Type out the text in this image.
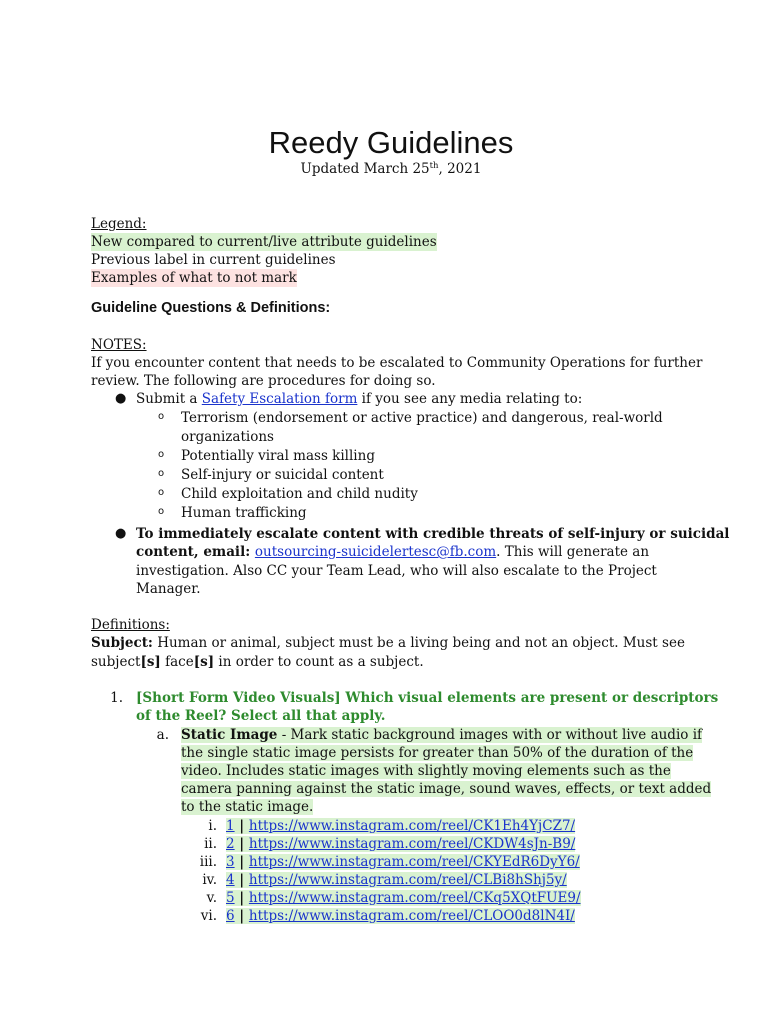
Reedy Guidelines
Updated March 25th, 2021
Legend:
New compared to current/live attribute guidelines
Previous label in current guidelines
Examples of what to not mark
Guideline Questions & Definitions:
NOTES:
If you encounter content that needs to be escalated to Community Operations for further
review. The following are procedures for doing so.
● Submit a Safety Escalation form if you see any media relating to:
o Terrorism (endorsement or active practice) and dangerous, real-world
organizations
o Potentially viral mass killing
o Self-injury or suicidal content
o Child exploitation and child nudity
o Human trafficking
● To immediately escalate content with credible threats of self-injury or suicidal
content, email: outsourcing-suicidelertesc@fb.com. This will generate an
investigation. Also CC your Team Lead, who will also escalate to the Project
Manager.
Definitions:
Subject: Human or animal, subject must be a living being and not an object. Must see
subject[s] face[s] in order to count as a subject.
1. [Short Form Video Visuals] Which visual elements are present or descriptors
of the Reel? Select all that apply.
a. Static Image - Mark static background images with or without live audio if
the single static image persists for greater than 50% of the duration of the
video. Includes static images with slightly moving elements such as the
camera panning against the static image, sound waves, effects, or text added
to the static image.
i. 1 | https://www.instagram.com/reel/CK1Eh4YjCZ7/
ii. 2 | https://www.instagram.com/reel/CKDW4sJn-B9/
iii. 3 | https://www.instagram.com/reel/CKYEdR6DyY6/
iv. 4 | https://www.instagram.com/reel/CLBi8hShj5y/
v. 5 | https://www.instagram.com/reel/CKq5XQtFUE9/
vi. 6 | https://www.instagram.com/reel/CLOO0d8lN4I/
